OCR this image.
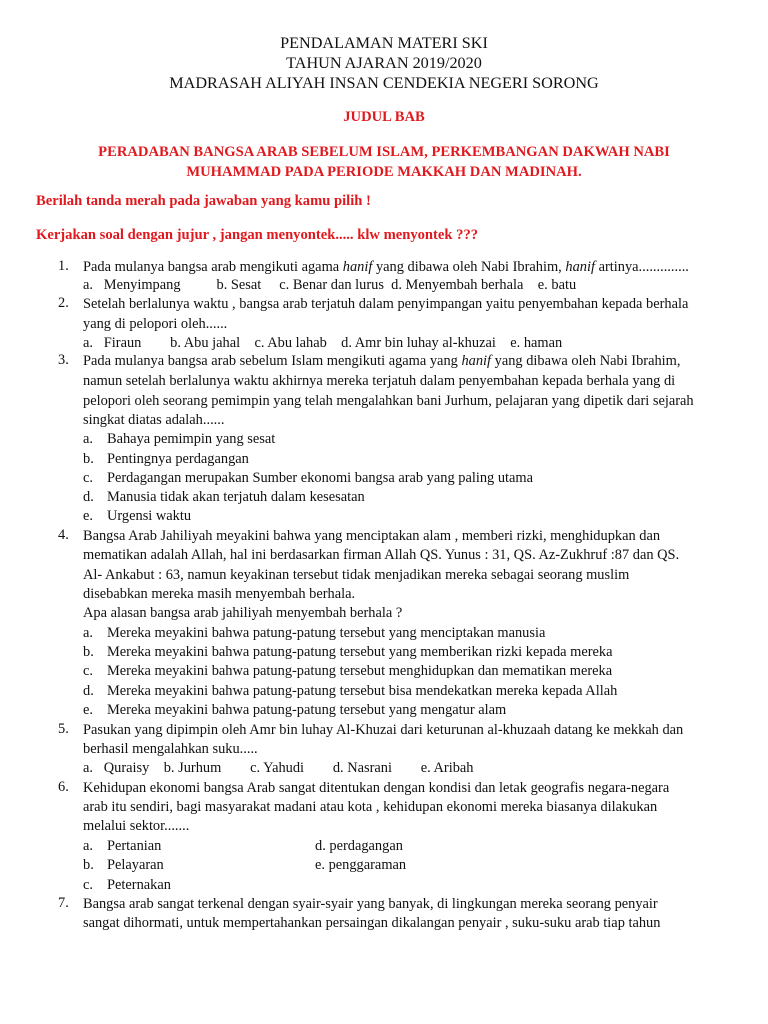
PENDALAMAN MATERI SKI
TAHUN AJARAN 2019/2020
MADRASAH ALIYAH INSAN CENDEKIA NEGERI SORONG
JUDUL BAB
PERADABAN BANGSA ARAB SEBELUM ISLAM, PERKEMBANGAN DAKWAH NABI
MUHAMMAD PADA PERIODE MAKKAH DAN MADINAH.
Berilah tanda merah pada jawaban yang kamu pilih !
Kerjakan soal dengan jujur , jangan menyontek..... klw menyontek ???
1. Pada mulanya bangsa arab mengikuti agama hanif yang dibawa oleh Nabi Ibrahim, hanif artinya..............
a.   Menyimpang          b. Sesat     c. Benar dan lurus  d. Menyembah berhala    e. batu
2. Setelah berlalunya waktu , bangsa arab terjatuh dalam penyimpangan yaitu penyembahan kepada berhala
yang di pelopori oleh......
a.   Firaun        b. Abu jahal    c. Abu lahab    d. Amr bin luhay al-khuzai    e. haman
3. Pada mulanya bangsa arab sebelum Islam mengikuti agama yang hanif yang dibawa oleh Nabi Ibrahim,
namun setelah berlalunya waktu akhirnya mereka terjatuh dalam penyembahan kepada berhala yang di
pelopori oleh seorang pemimpin yang telah mengalahkan bani Jurhum, pelajaran yang dipetik dari sejarah
singkat diatas adalah......
a. Bahaya pemimpin yang sesat
b. Pentingnya perdagangan
c. Perdagangan merupakan Sumber ekonomi bangsa arab yang paling utama
d. Manusia tidak akan terjatuh dalam kesesatan
e. Urgensi waktu
4. Bangsa Arab Jahiliyah meyakini bahwa yang menciptakan alam , memberi rizki, menghidupkan dan
mematikan adalah Allah, hal ini berdasarkan firman Allah QS. Yunus : 31, QS. Az-Zukhruf :87 dan QS.
Al- Ankabut : 63, namun keyakinan tersebut tidak menjadikan mereka sebagai seorang muslim
disebabkan mereka masih menyembah berhala.
Apa alasan bangsa arab jahiliyah menyembah berhala ?
a. Mereka meyakini bahwa patung-patung tersebut yang menciptakan manusia
b. Mereka meyakini bahwa patung-patung tersebut yang memberikan rizki kepada mereka
c. Mereka meyakini bahwa patung-patung tersebut menghidupkan dan mematikan mereka
d. Mereka meyakini bahwa patung-patung tersebut bisa mendekatkan mereka kepada Allah
e. Mereka meyakini bahwa patung-patung tersebut yang mengatur alam
5. Pasukan yang dipimpin oleh Amr bin luhay Al-Khuzai dari keturunan al-khuzaah datang ke mekkah dan
berhasil mengalahkan suku.....
a.   Quraisy    b. Jurhum        c. Yahudi        d. Nasrani        e. Aribah
6. Kehidupan ekonomi bangsa Arab sangat ditentukan dengan kondisi dan letak geografis negara-negara
arab itu sendiri, bagi masyarakat madani atau kota , kehidupan ekonomi mereka biasanya dilakukan
melalui sektor.......
a. Pertanian	d. perdagangan
b. Pelayaran	e. penggaraman
c. Peternakan
7. Bangsa arab sangat terkenal dengan syair-syair yang banyak, di lingkungan mereka seorang penyair
sangat dihormati, untuk mempertahankan persaingan dikalangan penyair , suku-suku arab tiap tahun
